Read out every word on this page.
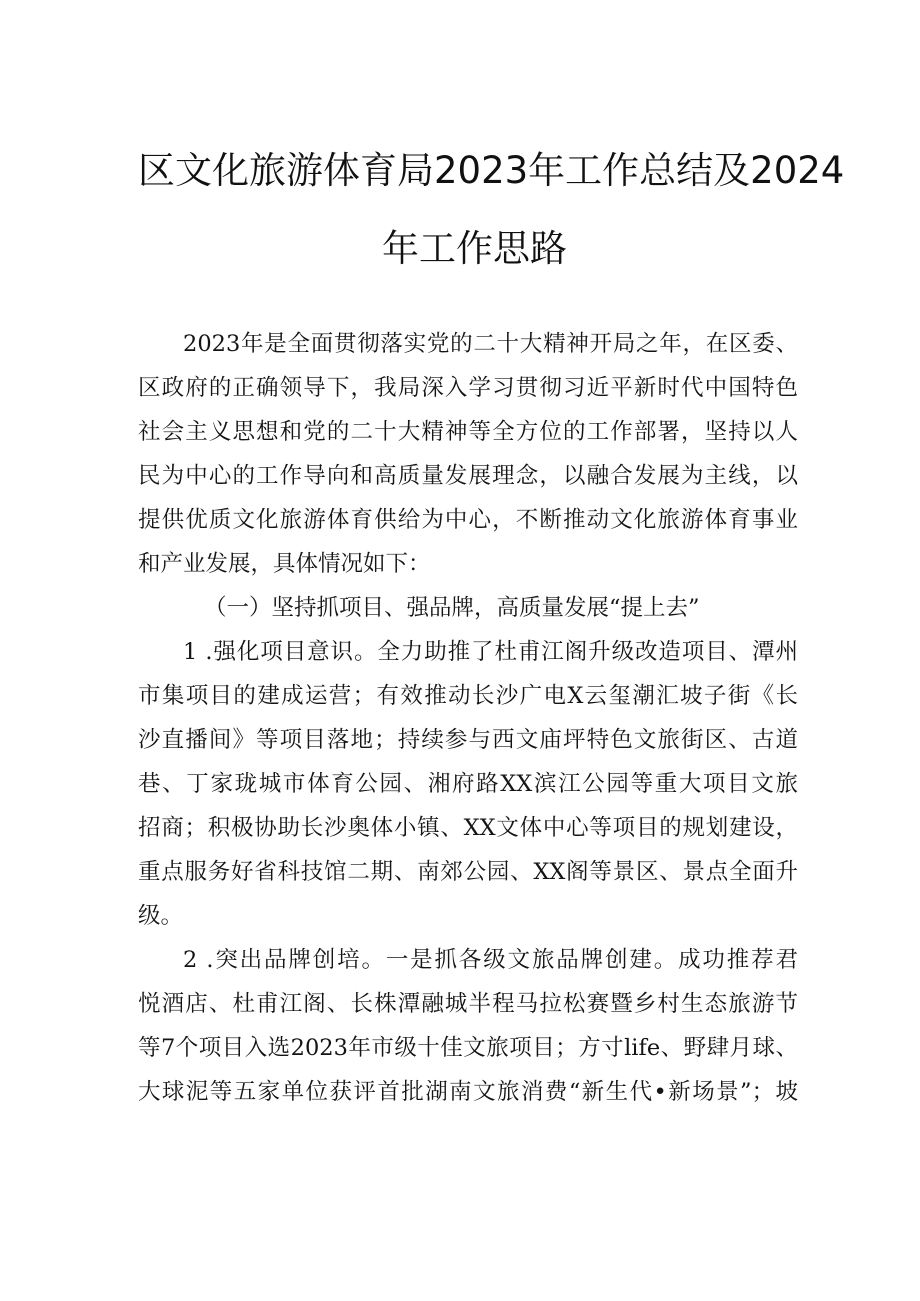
区文化旅游体育局2023年工作总结及2024
年工作思路
2023年是全面贯彻落实党的二十大精神开局之年，在区委、
区政府的正确领导下，我局深入学习贯彻习近平新时代中国特色
社会主义思想和党的二十大精神等全方位的工作部署，坚持以人
民为中心的工作导向和高质量发展理念，以融合发展为主线，以
提供优质文化旅游体育供给为中心，不断推动文化旅游体育事业
和产业发展，具体情况如下：
（一）坚持抓项目、强品牌，高质量发展“提上去”
1 .强化项目意识。全力助推了杜甫江阁升级改造项目、潭州
市集项目的建成运营；有效推动长沙广电X云玺潮汇坡子街《长
沙直播间》等项目落地；持续参与西文庙坪特色文旅街区、古道
巷、丁家珑城市体育公园、湘府路XX滨江公园等重大项目文旅
招商；积极协助长沙奥体小镇、XX文体中心等项目的规划建设，
重点服务好省科技馆二期、南郊公园、XX阁等景区、景点全面升
级。
2 .突出品牌创培。一是抓各级文旅品牌创建。成功推荐君
悦酒店、杜甫江阁、长株潭融城半程马拉松赛暨乡村生态旅游节
等7个项目入选2023年市级十佳文旅项目；方寸life、野肆月球、
大球泥等五家单位获评首批湖南文旅消费“新生代•新场景”；坡
